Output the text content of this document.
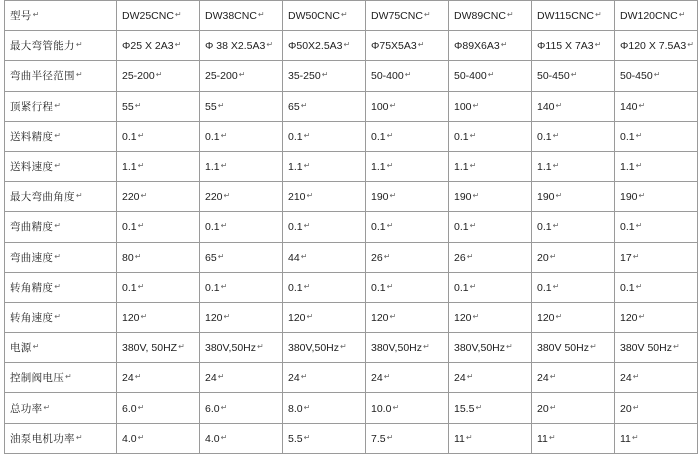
型号↵	DW25CNC↵	DW38CNC↵	DW50CNC↵	DW75CNC↵	DW89CNC↵	DW115CNC↵	DW120CNC↵
最大弯管能力↵	Φ25 X 2A3↵	Φ 38 X2.5A3↵	Φ50X2.5A3↵	Φ75X5A3↵	Φ89X6A3↵	Φ115 X 7A3↵	Φ120 X 7.5A3↵
弯曲半径范围↵	25-200↵	25-200↵	35-250↵	50-400↵	50-400↵	50-450↵	50-450↵
顶紧行程↵	55↵	55↵	65↵	100↵	100↵	140↵	140↵
送料精度↵	0.1↵	0.1↵	0.1↵	0.1↵	0.1↵	0.1↵	0.1↵
送料速度↵	1.1↵	1.1↵	1.1↵	1.1↵	1.1↵	1.1↵	1.1↵
最大弯曲角度↵	220↵	220↵	210↵	190↵	190↵	190↵	190↵
弯曲精度↵	0.1↵	0.1↵	0.1↵	0.1↵	0.1↵	0.1↵	0.1↵
弯曲速度↵	80↵	65↵	44↵	26↵	26↵	20↵	17↵
转角精度↵	0.1↵	0.1↵	0.1↵	0.1↵	0.1↵	0.1↵	0.1↵
转角速度↵	120↵	120↵	120↵	120↵	120↵	120↵	120↵
电源↵	380V, 50HZ↵	380V,50Hz↵	380V,50Hz↵	380V,50Hz↵	380V,50Hz↵	380V 50Hz↵	380V 50Hz↵
控制阀电压↵	24↵	24↵	24↵	24↵	24↵	24↵	24↵
总功率↵	6.0↵	6.0↵	8.0↵	10.0↵	15.5↵	20↵	20↵
油泵电机功率↵	4.0↵	4.0↵	5.5↵	7.5↵	11↵	11↵	11↵
